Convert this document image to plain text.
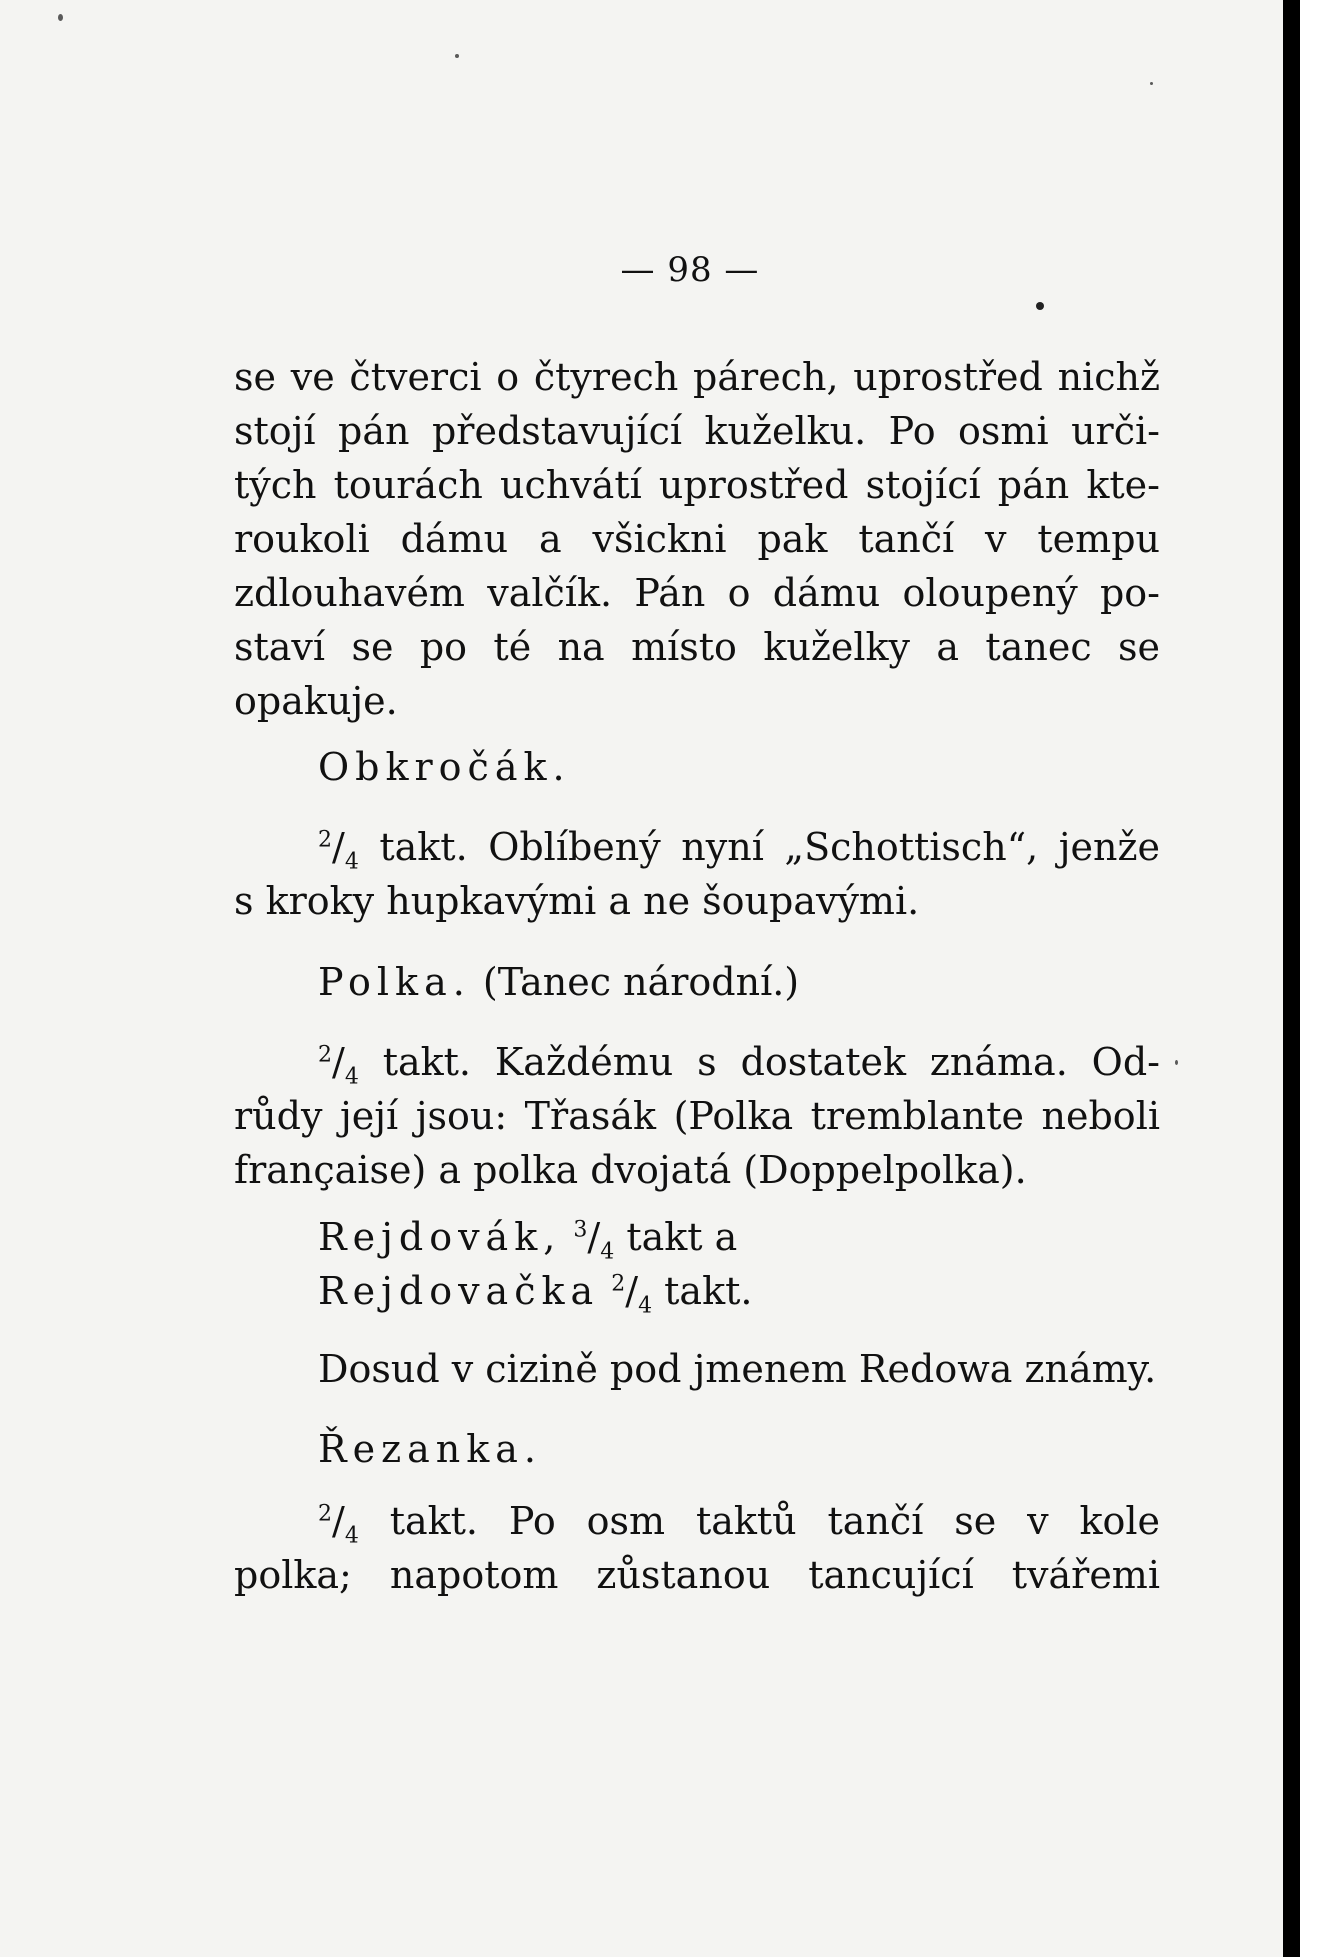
— 98 —
se ve čtverci o čtyrech párech, uprostřed nichž
stojí pán představující kuželku. Po osmi urči-
tých tourách uchvátí uprostřed stojící pán kte-
roukoli dámu a všickni pak tančí v tempu
zdlouhavém valčík. Pán o dámu oloupený po-
staví se po té na místo kuželky a tanec se
opakuje.
Obkročák.
$^2/_4$ takt. Oblíbený nyní „Schottisch“, jenže
s kroky hupkavými a ne šoupavými.
Polka. (Tanec národní.)
$^2/_4$ takt. Každému s dostatek známa. Od-
růdy její jsou: Třasák (Polka tremblante neboli
française) a polka dvojatá (Doppelpolka).
Rejdovák, $^3/_4$ takt a
Rejdovačka $^2/_4$ takt.
Dosud v cizině pod jmenem Redowa známy.
Řezanka.
$^2/_4$ takt. Po osm taktů tančí se v kole
polka; napotom zůstanou tancující tvářemi
